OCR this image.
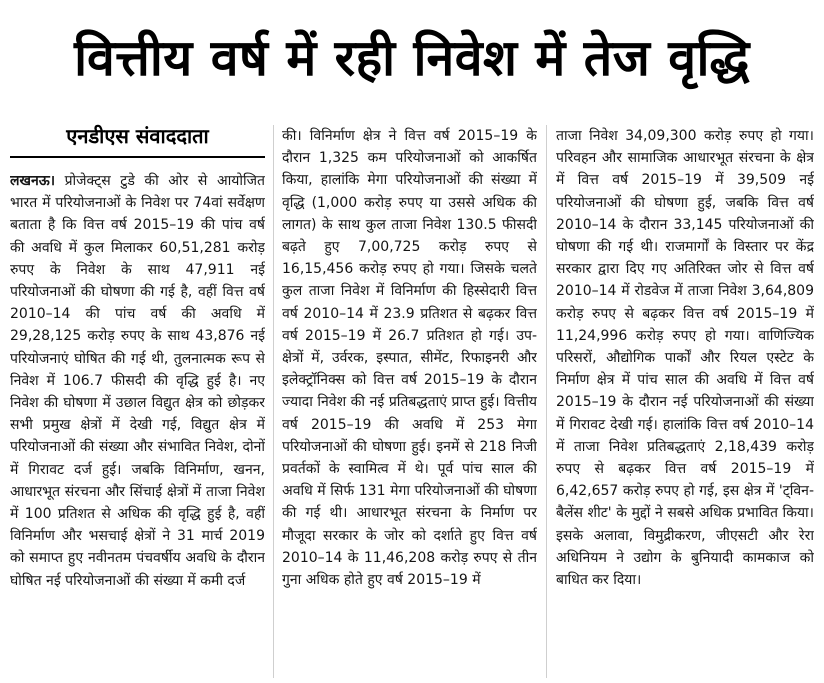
वित्तीय वर्ष में रही निवेश में तेज वृद्धि
एनडीएस संवाददाता

लखनऊ। प्रोजेक्ट्स टुडे की ओर से आयोजित भारत में परियोजनाओं के निवेश पर 74वां सर्वेक्षण बताता है कि वित्त वर्ष 2015–19 की पांच वर्ष की अवधि में कुल मिलाकर 60,51,281 करोड़ रुपए के निवेश के साथ 47,911 नई परियोजनाओं की घोषणा की गई है, वहीं वित्त वर्ष 2010–14 की पांच वर्ष की अवधि में 29,28,125 करोड़ रुपए के साथ 43,876 नई परियोजनाएं घोषित की गई थी, तुलनात्मक रूप से निवेश में 106.7 फीसदी की वृद्धि हुई है। नए निवेश की घोषणा में उछाल विद्युत क्षेत्र को छोड़कर सभी प्रमुख क्षेत्रों में देखी गई, विद्युत क्षेत्र में परियोजनाओं की संख्या और संभावित निवेश, दोनों में गिरावट दर्ज हुई। जबकि विनिर्माण, खनन, आधारभूत संरचना और सिंचाई क्षेत्रों में ताजा निवेश में 100 प्रतिशत से अधिक की वृद्धि हुई है, वहीं विनिर्माण और भसचाई क्षेत्रों ने 31 मार्च 2019 को समाप्त हुए नवीनतम पंचवर्षीय अवधि के दौरान घोषित नई परियोजनाओं की संख्या में कमी दर्ज

की। विनिर्माण क्षेत्र ने वित्त वर्ष 2015–19 के दौरान 1,325 कम परियोजनाओं को आकर्षित किया, हालांकि मेगा परियोजनाओं की संख्या में वृद्धि (1,000 करोड़ रुपए या उससे अधिक की लागत) के साथ कुल ताजा निवेश 130.5 फीसदी बढ़ते हुए 7,00,725 करोड़ रुपए से 16,15,456 करोड़ रुपए हो गया। जिसके चलते कुल ताजा निवेश में विनिर्माण की हिस्सेदारी वित्त वर्ष 2010–14 में 23.9 प्रतिशत से बढ़कर वित्त वर्ष 2015–19 में 26.7 प्रतिशत हो गई। उप-क्षेत्रों में, उर्वरक, इस्पात, सीमेंट, रिफाइनरी और इलेक्ट्रॉनिक्स को वित्त वर्ष 2015–19 के दौरान ज्यादा निवेश की नई प्रतिबद्धताएं प्राप्त हुई। वित्तीय वर्ष 2015–19 की अवधि में 253 मेगा परियोजनाओं की घोषणा हुई। इनमें से 218 निजी प्रवर्तकों के स्वामित्व में थे। पूर्व पांच साल की अवधि में सिर्फ 131 मेगा परियोजनाओं की घोषणा की गई थी। आधारभूत संरचना के निर्माण पर मौजूदा सरकार के जोर को दर्शाते हुए वित्त वर्ष 2010–14 के 11,46,208 करोड़ रुपए से तीन गुना अधिक होते हुए वर्ष 2015–19 में

ताजा निवेश 34,09,300 करोड़ रुपए हो गया। परिवहन और सामाजिक आधारभूत संरचना के क्षेत्र में वित्त वर्ष 2015–19 में 39,509 नई परियोजनाओं की घोषणा हुई, जबकि वित्त वर्ष 2010–14 के दौरान 33,145 परियोजनाओं की घोषणा की गई थी। राजमार्गों के विस्तार पर केंद्र सरकार द्वारा दिए गए अतिरिक्त जोर से वित्त वर्ष 2010–14 में रोडवेज में ताजा निवेश 3,64,809 करोड़ रुपए से बढ़कर वित्त वर्ष 2015–19 में 11,24,996 करोड़ रुपए हो गया। वाणिज्यिक परिसरों, औद्योगिक पार्कों और रियल एस्टेट के निर्माण क्षेत्र में पांच साल की अवधि में वित्त वर्ष 2015–19 के दौरान नई परियोजनाओं की संख्या में गिरावट देखी गई। हालांकि वित्त वर्ष 2010–14 में ताजा निवेश प्रतिबद्धताएं 2,18,439 करोड़ रुपए से बढ़कर वित्त वर्ष 2015–19 में 6,42,657 करोड़ रुपए हो गई, इस क्षेत्र में 'ट्विन-बैलेंस शीट' के मुद्दों ने सबसे अधिक प्रभावित किया। इसके अलावा, विमुद्रीकरण, जीएसटी और रेरा अधिनियम ने उद्योग के बुनियादी कामकाज को बाधित कर दिया।
